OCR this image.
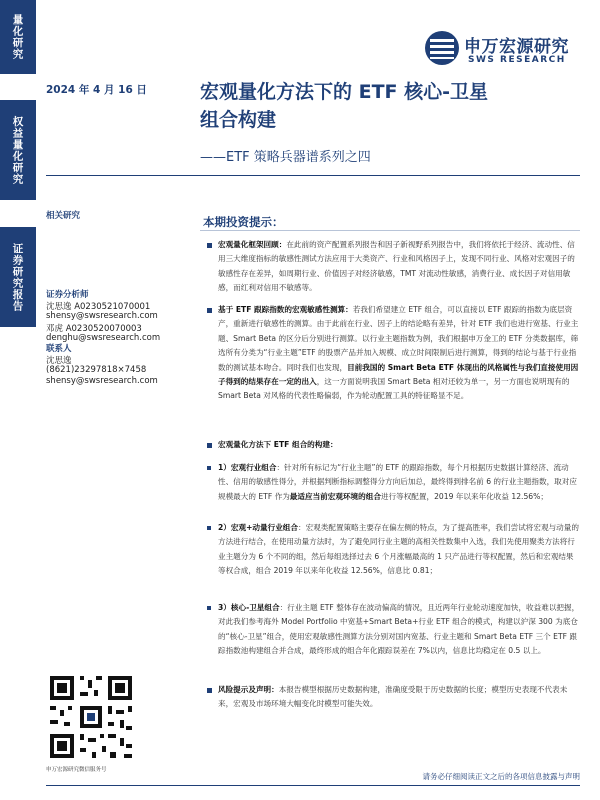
量化研究
权益量化研究
证券研究报告
申万宏源研究
SWS RESEARCH
2024 年 4 月 16 日	宏观量化方法下的 ETF 核心-卫星
组合构建
——ETF 策略兵器谱系列之四
相关研究
证券分析师
沈思逸 A0230521070001
shensy@swsresearch.com
邓虎 A0230520070003
denghu@swsresearch.com
联系人
沈思逸
(8621)23297818×7458
shensy@swsresearch.com
申万宏源研究微信服务号
本期投资提示：
宏观量化框架回顾：在此前的资产配置系列报告和因子新视野系列报告中，我们将依托于经济、流动性、信用三大维度指标的敏感性测试方法应用于大类资产、行业和风格因子上，发现不同行业、风格对宏观因子的敏感性存在差异，如周期行业、价值因子对经济敏感，TMT 对流动性敏感，消费行业、成长因子对信用敏感，而红利对信用不敏感等。
基于 ETF 跟踪指数的宏观敏感性测算：若我们希望建立 ETF 组合，可以直接以 ETF 跟踪的指数为底层资产，重新进行敏感性的测算。由于此前在行业、因子上的结论略有差异，针对 ETF 我们也进行宽基、行业主题、Smart Beta 的区分后分别进行测算。以行业主题指数为例，我们根据申万金工的 ETF 分类数据库，筛选所有分类为“行业主题”ETF 的股票产品并加入规模、成立时间限制后进行测算，得到的结论与基于行业指数的测试基本吻合。同时我们也发现，目前我国的 Smart Beta ETF 体现出的风格属性与我们直接使用因子得到的结果存在一定的出入，这一方面说明我国 Smart Beta 相对还较为单一，另一方面也说明现有的 Smart Beta 对风格的代表性略偏弱，作为轮动配置工具的特征略显不足。
宏观量化方法下 ETF 组合的构建：
1）宏观行业组合：针对所有标记为“行业主题”的 ETF 的跟踪指数，每个月根据历史数据计算经济、流动性、信用的敏感性得分，并根据判断指标调整得分方向后加总，最终得到排名前 6 的行业主题指数，取对应规模最大的 ETF 作为最适应当前宏观环境的组合进行等权配置，2019 年以来年化收益 12.56%；
2）宏观+动量行业组合：宏观类配置策略主要存在偏左侧的特点，为了提高胜率，我们尝试将宏观与动量的方法进行结合，在使用动量方法时，为了避免同行业主题的高相关性数集中入选，我们先使用聚类方法将行业主题分为 6 个不同的组，然后每组选择过去 6 个月涨幅最高的 1 只产品进行等权配置，然后和宏观结果等权合成，组合 2019 年以来年化收益 12.56%，信息比 0.81；
3）核心-卫星组合：行业主题 ETF 整体存在波动偏高的情况，且近两年行业轮动速度加快，收益难以把握，对此我们参考海外 Model Portfolio 中宽基+Smart Beta+行业 ETF 组合的模式，构建以沪深 300 为底仓的“核心-卫星”组合，使用宏观敏感性测算方法分别对国内宽基、行业主题和 Smart Beta ETF 三个 ETF 跟踪指数池构建组合并合成，最终形成的组合年化跟踪误差在 7%以内，信息比均稳定在 0.5 以上。
风险提示及声明：本报告模型根据历史数据构建，准确度受限于历史数据的长度；模型历史表现不代表未来，宏观及市场环境大幅变化时模型可能失效。
请务必仔细阅读正文之后的各项信息披露与声明
